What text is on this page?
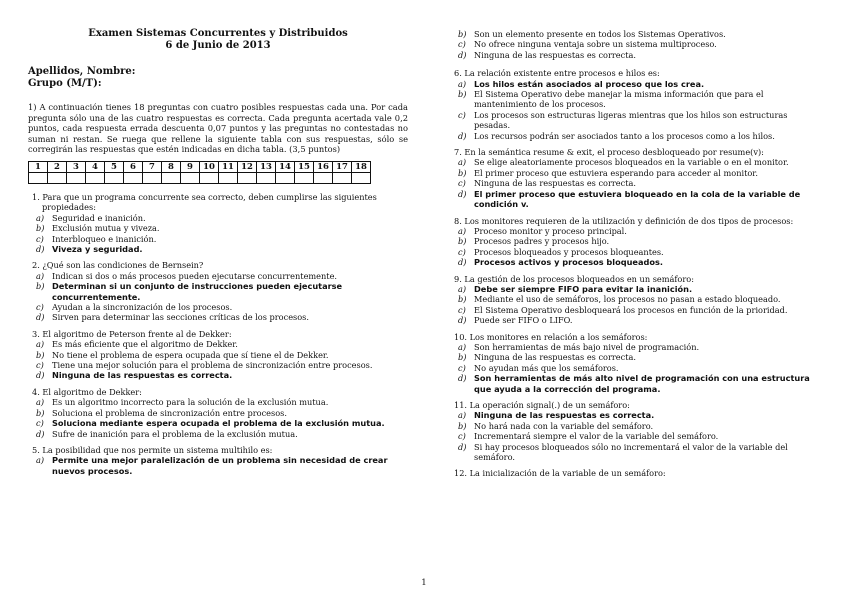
Examen Sistemas Concurrentes y Distribuidos
6 de Junio de 2013
Apellidos, Nombre:
Grupo (M/T):
1) A continuación tienes 18 preguntas con cuatro posibles respuestas cada una. Por cada pregunta sólo una de las cuatro respuestas es correcta. Cada pregunta acertada vale 0,2 puntos, cada respuesta errada descuenta 0,07 puntos y las preguntas no contestadas no suman ni restan. Se ruega que rellene la siguiente tabla con sus respuestas, sólo se corregirán las respuestas que estén indicadas en dicha tabla. (3,5 puntos)
1	2	3	4	5	6	7	8	9	10	11	12	13	14	15	16	17	18

1. Para que un programa concurrente sea correcto, deben cumplirse las siguientes propiedades:
a) Seguridad e inanición.
b) Exclusión mutua y viveza.
c) Interbloqueo e inanición.
d) Viveza y seguridad.
2. ¿Qué son las condiciones de Bernsein?
a) Indican si dos o más procesos pueden ejecutarse concurrentemente.
b) Determinan si un conjunto de instrucciones pueden ejecutarse concurrentemente.
c) Ayudan a la sincronización de los procesos.
d) Sirven para determinar las secciones críticas de los procesos.
3. El algoritmo de Peterson frente al de Dekker:
a) Es más eficiente que el algoritmo de Dekker.
b) No tiene el problema de espera ocupada que sí tiene el de Dekker.
c) Tiene una mejor solución para el problema de sincronización entre procesos.
d) Ninguna de las respuestas es correcta.
4. El algoritmo de Dekker:
a) Es un algoritmo incorrecto para la solución de la exclusión mutua.
b) Soluciona el problema de sincronización entre procesos.
c) Soluciona mediante espera ocupada el problema de la exclusión mutua.
d) Sufre de inanición para el problema de la exclusión mutua.
5. La posibilidad que nos permite un sistema multihilo es:
a) Permite una mejor paralelización de un problema sin necesidad de crear nuevos procesos.
b) Son un elemento presente en todos los Sistemas Operativos.
c) No ofrece ninguna ventaja sobre un sistema multiproceso.
d) Ninguna de las respuestas es correcta.
6. La relación existente entre procesos e hilos es:
a) Los hilos están asociados al proceso que los crea.
b) El Sistema Operativo debe manejar la misma información que para el mantenimiento de los procesos.
c) Los procesos son estructuras ligeras mientras que los hilos son estructuras pesadas.
d) Los recursos podrán ser asociados tanto a los procesos como a los hilos.
7. En la semántica resume & exit, el proceso desbloqueado por resume(v):
a) Se elige aleatoriamente procesos bloqueados en la variable o en el monitor.
b) El primer proceso que estuviera esperando para acceder al monitor.
c) Ninguna de las respuestas es correcta.
d) El primer proceso que estuviera bloqueado en la cola de la variable de condición v.
8. Los monitores requieren de la utilización y definición de dos tipos de procesos:
a) Proceso monitor y proceso principal.
b) Procesos padres y procesos hijo.
c) Procesos bloqueados y procesos bloqueantes.
d) Procesos activos y procesos bloqueados.
9. La gestión de los procesos bloqueados en un semáforo:
a) Debe ser siempre FIFO para evitar la inanición.
b) Mediante el uso de semáforos, los procesos no pasan a estado bloqueado.
c) El Sistema Operativo desbloqueará los procesos en función de la prioridad.
d) Puede ser FIFO o LIFO.
10. Los monitores en relación a los semáforos:
a) Son herramientas de más bajo nivel de programación.
b) Ninguna de las respuestas es correcta.
c) No ayudan más que los semáforos.
d) Son herramientas de más alto nivel de programación con una estructura que ayuda a la corrección del programa.
11. La operación signal(.) de un semáforo:
a) Ninguna de las respuestas es correcta.
b) No hará nada con la variable del semáforo.
c) Incrementará siempre el valor de la variable del semáforo.
d) Si hay procesos bloqueados sólo no incrementará el valor de la variable del semáforo.
12. La inicialización de la variable de un semáforo:
1
